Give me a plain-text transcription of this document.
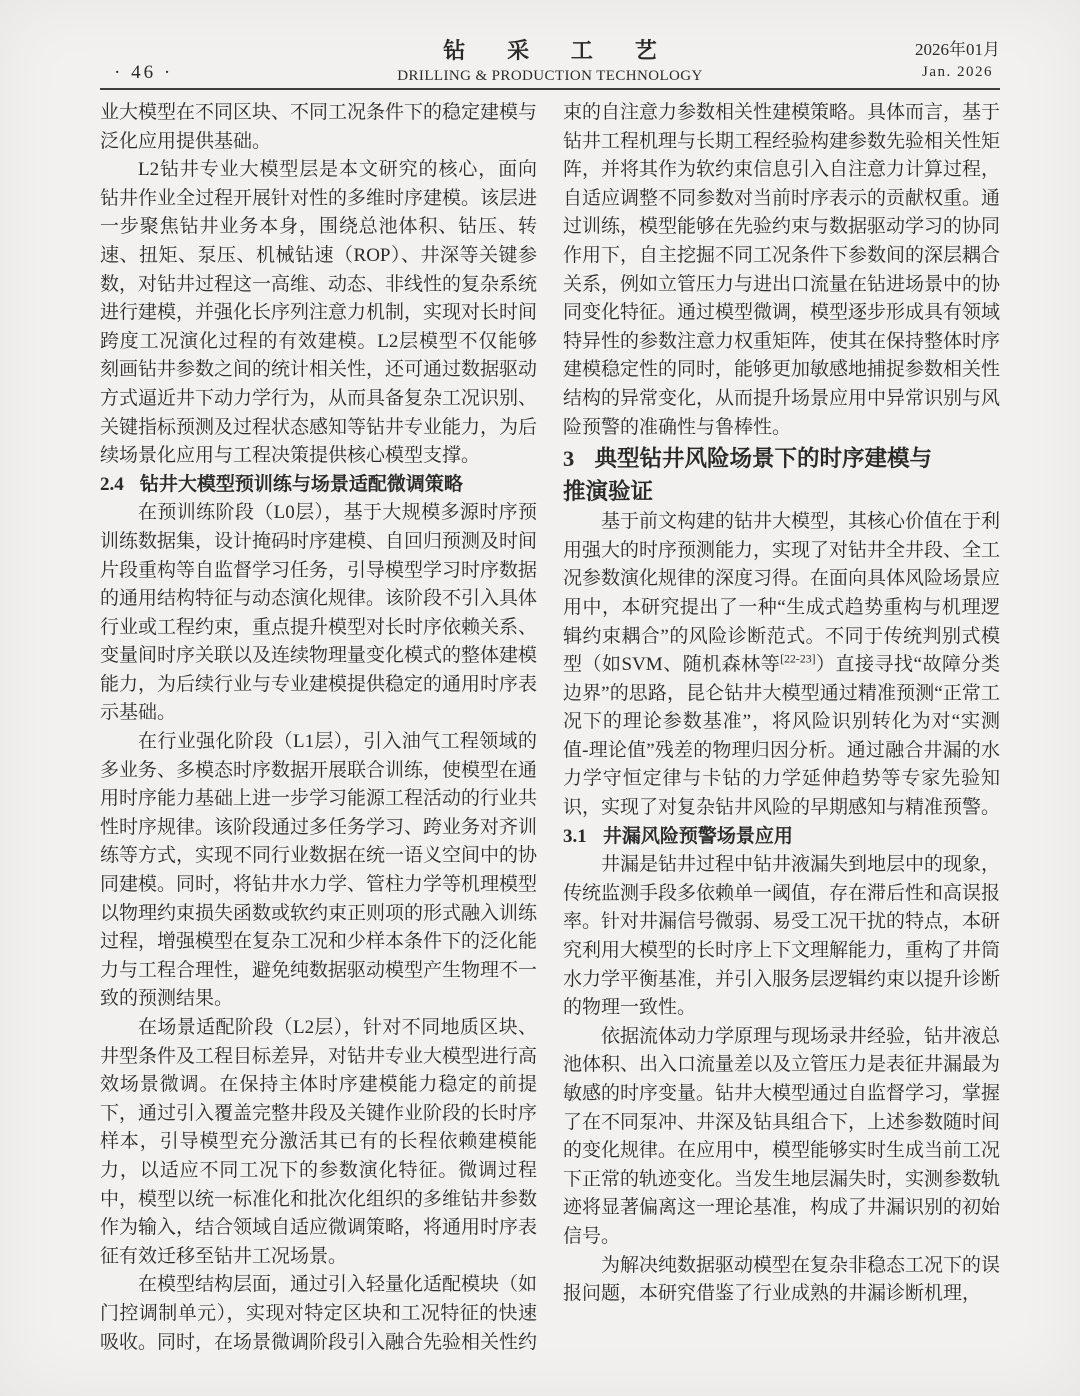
· 46 ·
钻采工艺
DRILLING & PRODUCTION TECHNOLOGY
2026年01月
Jan. 2026

业大模型在不同区块、不同工况条件下的稳定建模与泛化应用提供基础。

L2钻井专业大模型层是本文研究的核心，面向钻井作业全过程开展针对性的多维时序建模。该层进一步聚焦钻井业务本身，围绕总池体积、钻压、转速、扭矩、泵压、机械钻速（ROP）、井深等关键参数，对钻井过程这一高维、动态、非线性的复杂系统进行建模，并强化长序列注意力机制，实现对长时间跨度工况演化过程的有效建模。L2层模型不仅能够刻画钻井参数之间的统计相关性，还可通过数据驱动方式逼近井下动力学行为，从而具备复杂工况识别、关键指标预测及过程状态感知等钻井专业能力，为后续场景化应用与工程决策提供核心模型支撑。

2.4 钻井大模型预训练与场景适配微调策略

在预训练阶段（L0层），基于大规模多源时序预训练数据集，设计掩码时序建模、自回归预测及时间片段重构等自监督学习任务，引导模型学习时序数据的通用结构特征与动态演化规律。该阶段不引入具体行业或工程约束，重点提升模型对长时序依赖关系、变量间时序关联以及连续物理量变化模式的整体建模能力，为后续行业与专业建模提供稳定的通用时序表示基础。

在行业强化阶段（L1层），引入油气工程领域的多业务、多模态时序数据开展联合训练，使模型在通用时序能力基础上进一步学习能源工程活动的行业共性时序规律。该阶段通过多任务学习、跨业务对齐训练等方式，实现不同行业数据在统一语义空间中的协同建模。同时，将钻井水力学、管柱力学等机理模型以物理约束损失函数或软约束正则项的形式融入训练过程，增强模型在复杂工况和少样本条件下的泛化能力与工程合理性，避免纯数据驱动模型产生物理不一致的预测结果。

在场景适配阶段（L2层），针对不同地质区块、井型条件及工程目标差异，对钻井专业大模型进行高效场景微调。在保持主体时序建模能力稳定的前提下，通过引入覆盖完整井段及关键作业阶段的长时序样本，引导模型充分激活其已有的长程依赖建模能力，以适应不同工况下的参数演化特征。微调过程中，模型以统一标准化和批次化组织的多维钻井参数作为输入，结合领域自适应微调策略，将通用时序表征有效迁移至钻井工况场景。

在模型结构层面，通过引入轻量化适配模块（如门控调制单元），实现对特定区块和工况特征的快速吸收。同时，在场景微调阶段引入融合先验相关性约

束的自注意力参数相关性建模策略。具体而言，基于钻井工程机理与长期工程经验构建参数先验相关性矩阵，并将其作为软约束信息引入自注意力计算过程，自适应调整不同参数对当前时序表示的贡献权重。通过训练，模型能够在先验约束与数据驱动学习的协同作用下，自主挖掘不同工况条件下参数间的深层耦合关系，例如立管压力与进出口流量在钻进场景中的协同变化特征。通过模型微调，模型逐步形成具有领域特异性的参数注意力权重矩阵，使其在保持整体时序建模稳定性的同时，能够更加敏感地捕捉参数相关性结构的异常变化，从而提升场景应用中异常识别与风险预警的准确性与鲁棒性。

3 典型钻井风险场景下的时序建模与推演验证

基于前文构建的钻井大模型，其核心价值在于利用强大的时序预测能力，实现了对钻井全井段、全工况参数演化规律的深度习得。在面向具体风险场景应用中，本研究提出了一种“生成式趋势重构与机理逻辑约束耦合”的风险诊断范式。不同于传统判别式模型（如SVM、随机森林等[22-23]）直接寻找“故障分类边界”的思路，昆仑钻井大模型通过精准预测“正常工况下的理论参数基准”，将风险识别转化为对“实测值-理论值”残差的物理归因分析。通过融合井漏的水力学守恒定律与卡钻的力学延伸趋势等专家先验知识，实现了对复杂钻井风险的早期感知与精准预警。

3.1 井漏风险预警场景应用

井漏是钻井过程中钻井液漏失到地层中的现象，传统监测手段多依赖单一阈值，存在滞后性和高误报率。针对井漏信号微弱、易受工况干扰的特点，本研究利用大模型的长时序上下文理解能力，重构了井筒水力学平衡基准，并引入服务层逻辑约束以提升诊断的物理一致性。

依据流体动力学原理与现场录井经验，钻井液总池体积、出入口流量差以及立管压力是表征井漏最为敏感的时序变量。钻井大模型通过自监督学习，掌握了在不同泵冲、井深及钻具组合下，上述参数随时间的变化规律。在应用中，模型能够实时生成当前工况下正常的轨迹变化。当发生地层漏失时，实测参数轨迹将显著偏离这一理论基准，构成了井漏识别的初始信号。

为解决纯数据驱动模型在复杂非稳态工况下的误报问题，本研究借鉴了行业成熟的井漏诊断机理，
